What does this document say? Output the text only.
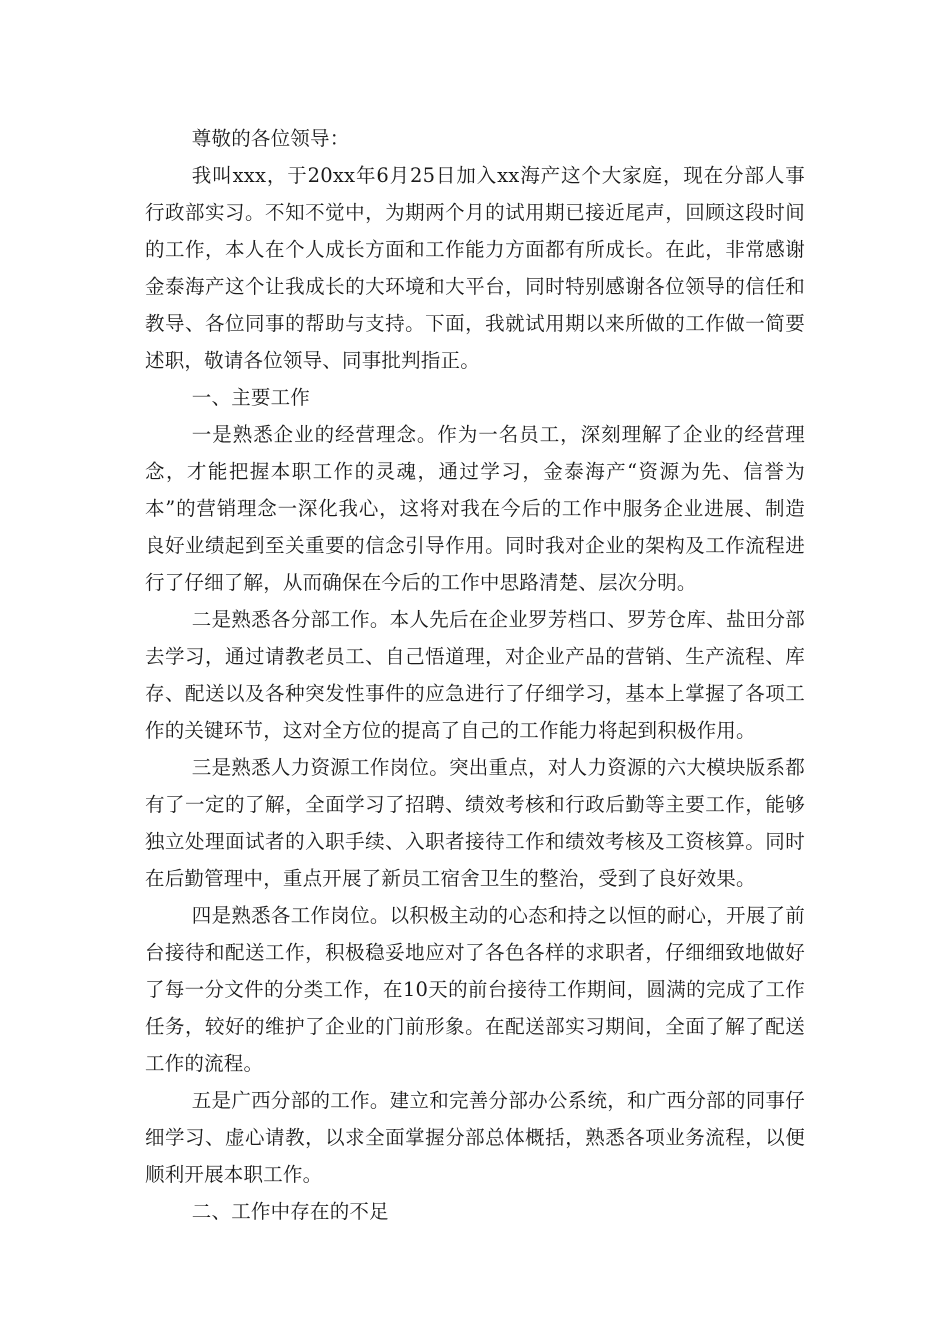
尊敬的各位领导：

我叫xxx，于20xx年6月25日加入xx海产这个大家庭，现在分部人事行政部实习。不知不觉中，为期两个月的试用期已接近尾声，回顾这段时间的工作，本人在个人成长方面和工作能力方面都有所成长。在此，非常感谢金泰海产这个让我成长的大环境和大平台，同时特别感谢各位领导的信任和教导、各位同事的帮助与支持。下面，我就试用期以来所做的工作做一简要述职，敬请各位领导、同事批判指正。

一、主要工作

一是熟悉企业的经营理念。作为一名员工，深刻理解了企业的经营理念，才能把握本职工作的灵魂，通过学习，金泰海产“资源为先、信誉为本”的营销理念一深化我心，这将对我在今后的工作中服务企业进展、制造良好业绩起到至关重要的信念引导作用。同时我对企业的架构及工作流程进行了仔细了解，从而确保在今后的工作中思路清楚、层次分明。

二是熟悉各分部工作。本人先后在企业罗芳档口、罗芳仓库、盐田分部去学习，通过请教老员工、自己悟道理，对企业产品的营销、生产流程、库存、配送以及各种突发性事件的应急进行了仔细学习，基本上掌握了各项工作的关键环节，这对全方位的提高了自己的工作能力将起到积极作用。

三是熟悉人力资源工作岗位。突出重点，对人力资源的六大模块版系都有了一定的了解，全面学习了招聘、绩效考核和行政后勤等主要工作，能够独立处理面试者的入职手续、入职者接待工作和绩效考核及工资核算。同时在后勤管理中，重点开展了新员工宿舍卫生的整治，受到了良好效果。

四是熟悉各工作岗位。以积极主动的心态和持之以恒的耐心，开展了前台接待和配送工作，积极稳妥地应对了各色各样的求职者，仔细细致地做好了每一分文件的分类工作，在10天的前台接待工作期间，圆满的完成了工作任务，较好的维护了企业的门前形象。在配送部实习期间，全面了解了配送工作的流程。

五是广西分部的工作。建立和完善分部办公系统，和广西分部的同事仔细学习、虚心请教，以求全面掌握分部总体概括，熟悉各项业务流程，以便顺利开展本职工作。

二、工作中存在的不足
